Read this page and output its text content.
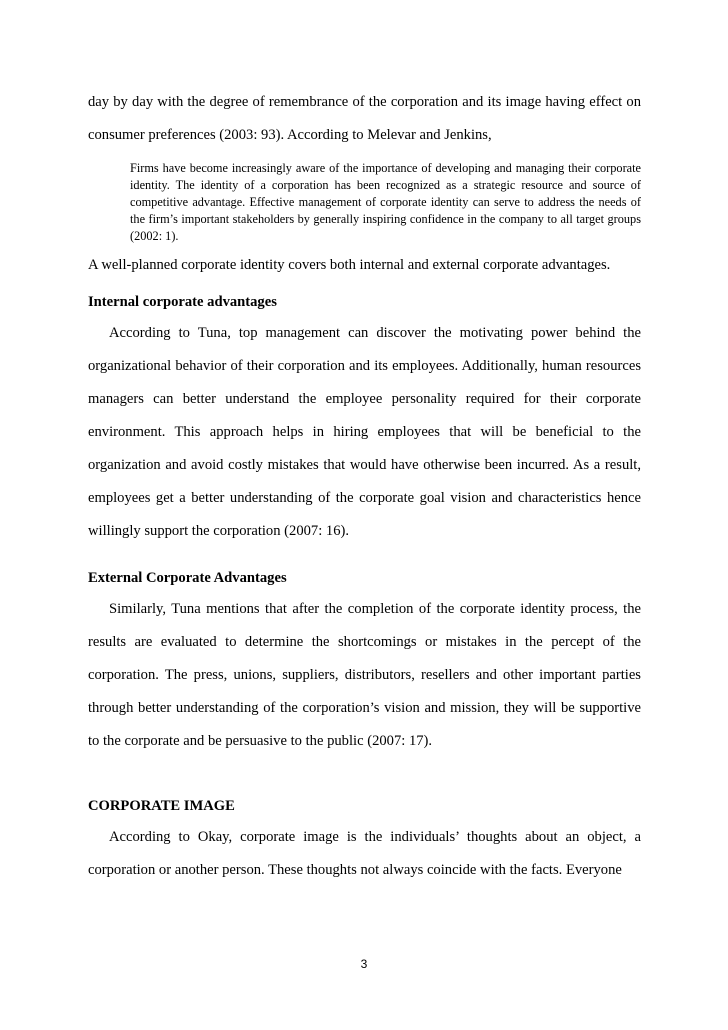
day by day with the degree of remembrance of the corporation and its image having effect on consumer preferences (2003: 93). According to Melevar and Jenkins,

Firms have become increasingly aware of the importance of developing and managing their corporate identity. The identity of a corporation has been recognized as a strategic resource and source of competitive advantage. Effective management of corporate identity can serve to address the needs of the firm’s important stakeholders by generally inspiring confidence in the company to all target groups (2002: 1).

A well-planned corporate identity covers both internal and external corporate advantages.

Internal corporate advantages

According to Tuna, top management can discover the motivating power behind the organizational behavior of their corporation and its employees. Additionally, human resources managers can better understand the employee personality required for their corporate environment. This approach helps in hiring employees that will be beneficial to the organization and avoid costly mistakes that would have otherwise been incurred. As a result, employees get a better understanding of the corporate goal vision and characteristics hence willingly support the corporation (2007: 16).

External Corporate Advantages

Similarly, Tuna mentions that after the completion of the corporate identity process, the results are evaluated to determine the shortcomings or mistakes in the percept of the corporation. The press, unions, suppliers, distributors, resellers and other important parties through better understanding of the corporation’s vision and mission, they will be supportive to the corporate and be persuasive to the public (2007: 17).

CORPORATE IMAGE

According to Okay, corporate image is the individuals’ thoughts about an object, a corporation or another person. These thoughts not always coincide with the facts. Everyone

3
